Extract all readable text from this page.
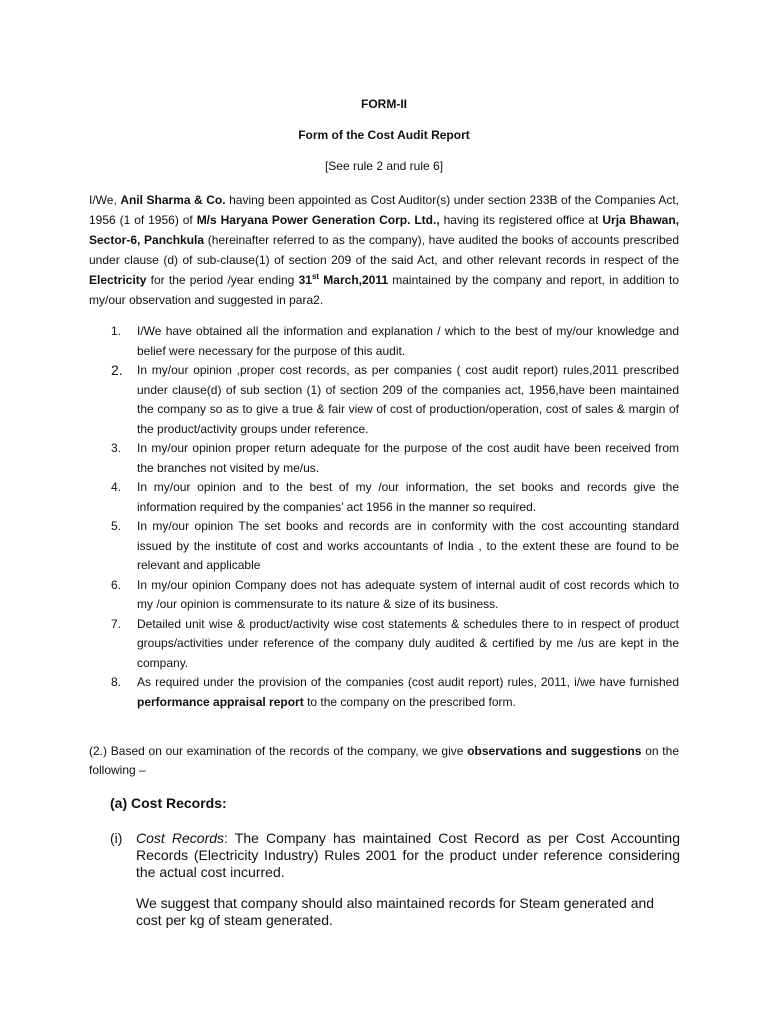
FORM-II
Form of the Cost Audit Report
[See rule 2 and rule 6]
I/We, Anil Sharma & Co. having been appointed as Cost Auditor(s) under section 233B of the Companies Act, 1956 (1 of 1956) of M/s Haryana Power Generation Corp. Ltd., having its registered office at Urja Bhawan, Sector-6, Panchkula (hereinafter referred to as the company), have audited the books of accounts prescribed under clause (d) of sub-clause(1) of section 209 of the said Act, and other relevant records in respect of the Electricity for the period /year ending 31st March,2011 maintained by the company and report, in addition to my/our observation and suggested in para2.
1. I/We have obtained all the information and explanation / which to the best of my/our knowledge and belief were necessary for the purpose of this audit.
2. In my/our opinion ,proper cost records, as per companies ( cost audit report) rules,2011 prescribed under clause(d) of sub section (1) of section 209 of the companies act, 1956,have been maintained the company so as to give a true & fair view of cost of production/operation, cost of sales & margin of the product/activity groups under reference.
3. In my/our opinion proper return adequate for the purpose of the cost audit have been received from the branches not visited by me/us.
4. In my/our opinion and to the best of my /our information, the set books and records give the information required by the companies’ act 1956 in the manner so required.
5. In my/our opinion The set books and records are in conformity with the cost accounting standard issued by the institute of cost and works accountants of India , to the extent these are found to be relevant and applicable
6. In my/our opinion Company does not has adequate system of internal audit of cost records which to my /our opinion is commensurate to its nature & size of its business.
7. Detailed unit wise & product/activity wise cost statements & schedules there to in respect of product groups/activities under reference of the company duly audited & certified by me /us are kept in the company.
8. As required under the provision of the companies (cost audit report) rules, 2011, i/we have furnished performance appraisal report to the company on the prescribed form.
(2.) Based on our examination of the records of the company, we give observations and suggestions on the following –
(a) Cost Records:
(i) Cost Records: The Company has maintained Cost Record as per Cost Accounting Records (Electricity Industry) Rules 2001 for the product under reference considering the actual cost incurred.
We suggest that company should also maintained records for Steam generated and cost per kg of steam generated.
